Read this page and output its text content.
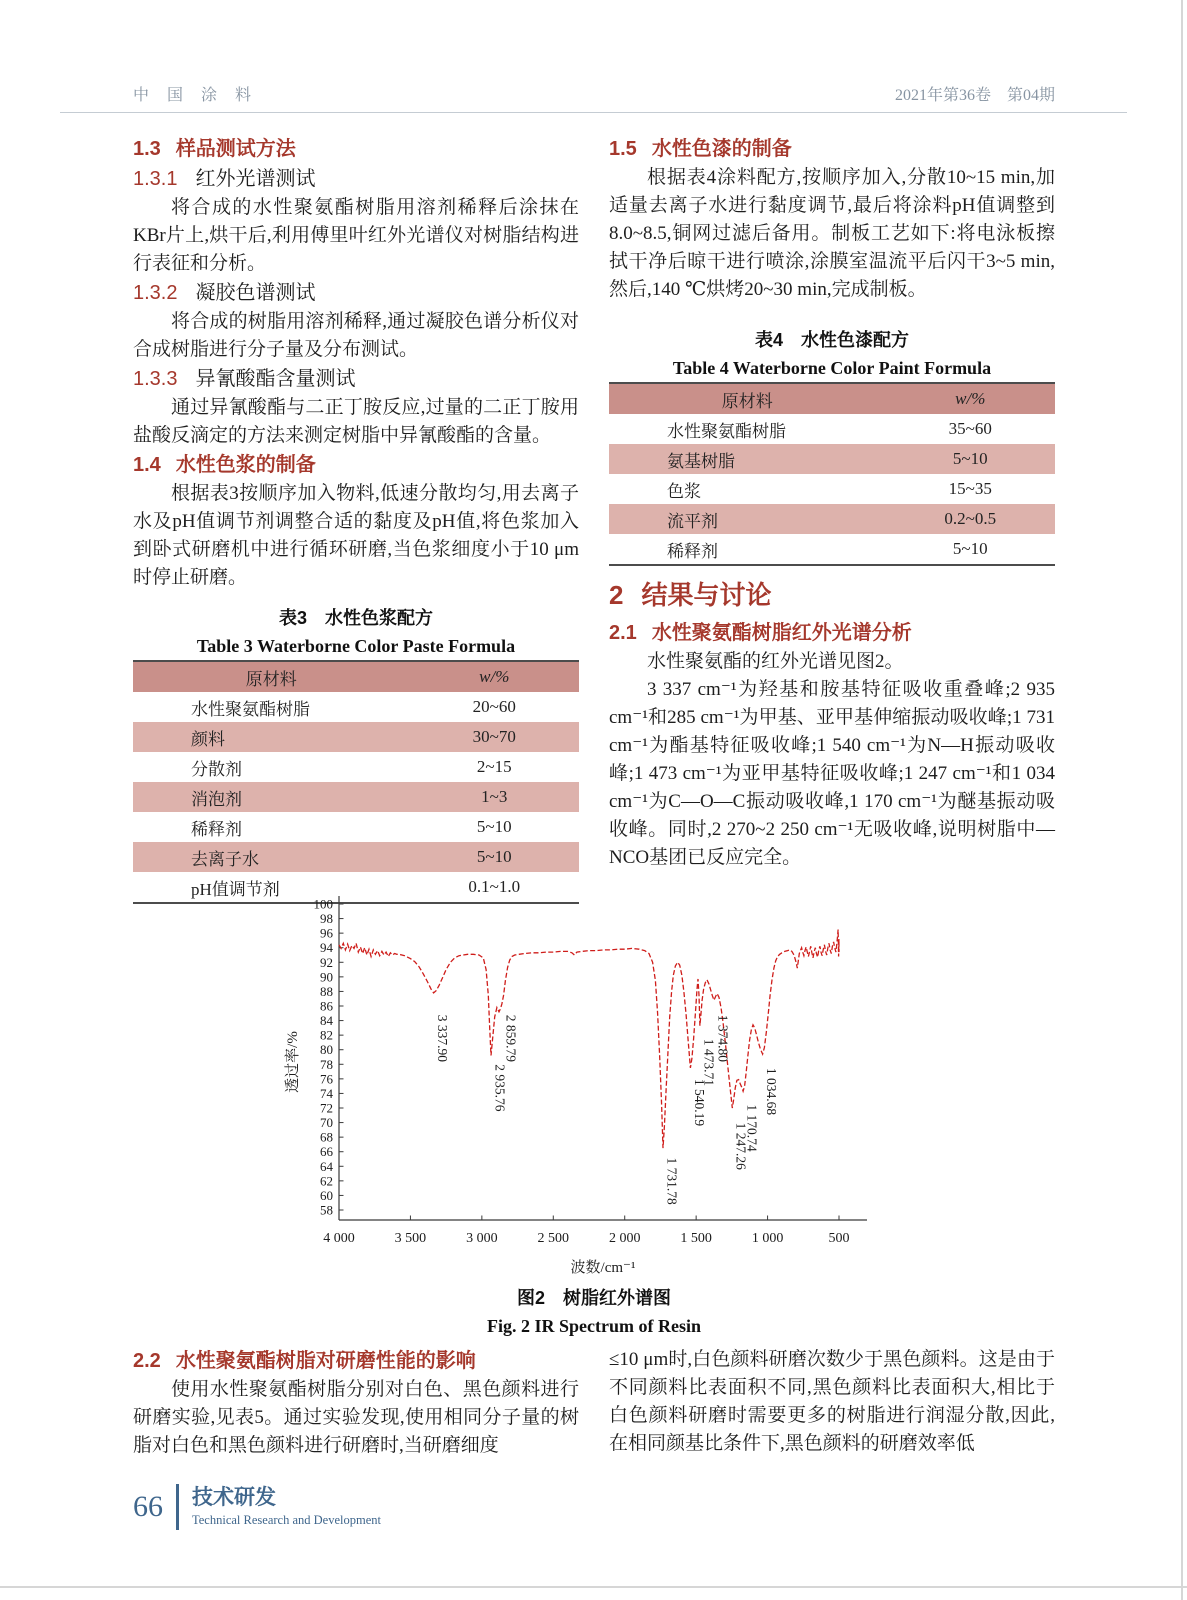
中 国 涂 料	2021年第36卷　第04期
1.3 样品测试方法
1.3.1 红外光谱测试

将合成的水性聚氨酯树脂用溶剂稀释后涂抹在KBr片上,烘干后,利用傅里叶红外光谱仪对树脂结构进行表征和分析。

1.3.2 凝胶色谱测试

将合成的树脂用溶剂稀释,通过凝胶色谱分析仪对合成树脂进行分子量及分布测试。

1.3.3 异氰酸酯含量测试

通过异氰酸酯与二正丁胺反应,过量的二正丁胺用盐酸反滴定的方法来测定树脂中异氰酸酯的含量。

1.4 水性色浆的制备

根据表3按顺序加入物料,低速分散均匀,用去离子水及pH值调节剂调整合适的黏度及pH值,将色浆加入到卧式研磨机中进行循环研磨,当色浆细度小于10 μm时停止研磨。

表3　水性色浆配方
Table 3 Waterborne Color Paste Formula
原材料	w/%
水性聚氨酯树脂	20~60
颜料	30~70
分散剂	2~15
消泡剂	1~3
稀释剂	5~10
去离子水	5~10
pH值调节剂	0.1~1.0
1.5 水性色漆的制备

根据表4涂料配方,按顺序加入,分散10~15 min,加适量去离子水进行黏度调节,最后将涂料pH值调整到8.0~8.5,铜网过滤后备用。制板工艺如下:将电泳板擦拭干净后晾干进行喷涂,涂膜室温流平后闪干3~5 min,然后,140 ℃烘烤20~30 min,完成制板。

表4　水性色漆配方
Table 4 Waterborne Color Paint Formula
原材料	w/%
水性聚氨酯树脂	35~60
氨基树脂	5~10
色浆	15~35
流平剂	0.2~0.5
稀释剂	5~10
2 结果与讨论
2.1 水性聚氨酯树脂红外光谱分析

水性聚氨酯的红外光谱见图2。

3 337 cm⁻¹为羟基和胺基特征吸收重叠峰;2 935 cm⁻¹和285 cm⁻¹为甲基、亚甲基伸缩振动吸收峰;1 731 cm⁻¹为酯基特征吸收峰;1 540 cm⁻¹为N—H振动吸收峰;1 473 cm⁻¹为亚甲基特征吸收峰;1 247 cm⁻¹和1 034 cm⁻¹为C—O—C振动吸收峰,1 170 cm⁻¹为醚基振动吸收峰。同时,2 270~2 250 cm⁻¹无吸收峰,说明树脂中—NCO基团已反应完全。

58
60
62
64
66
68
70
72
74
76
78
80
82
84
86
88
90
92
94
96
98
100
4 000	3 500	3 000	2 500	2 000	1 500	1 000	500
透过率/%
波数/cm⁻¹
3 337.90
2 935.76
2 859.79
1 731.78
1 540.19
1 473.71
1 374.80
1 247.26
1 170.74
1 034.68
图2　树脂红外谱图
Fig. 2 IR Spectrum of Resin
2.2 水性聚氨酯树脂对研磨性能的影响

使用水性聚氨酯树脂分别对白色、黑色颜料进行研磨实验,见表5。通过实验发现,使用相同分子量的树脂对白色和黑色颜料进行研磨时,当研磨细度

≤10 μm时,白色颜料研磨次数少于黑色颜料。这是由于不同颜料比表面积不同,黑色颜料比表面积大,相比于白色颜料研磨时需要更多的树脂进行润湿分散,因此,在相同颜基比条件下,黑色颜料的研磨效率低

66 技术研发
Technical Research and Development
